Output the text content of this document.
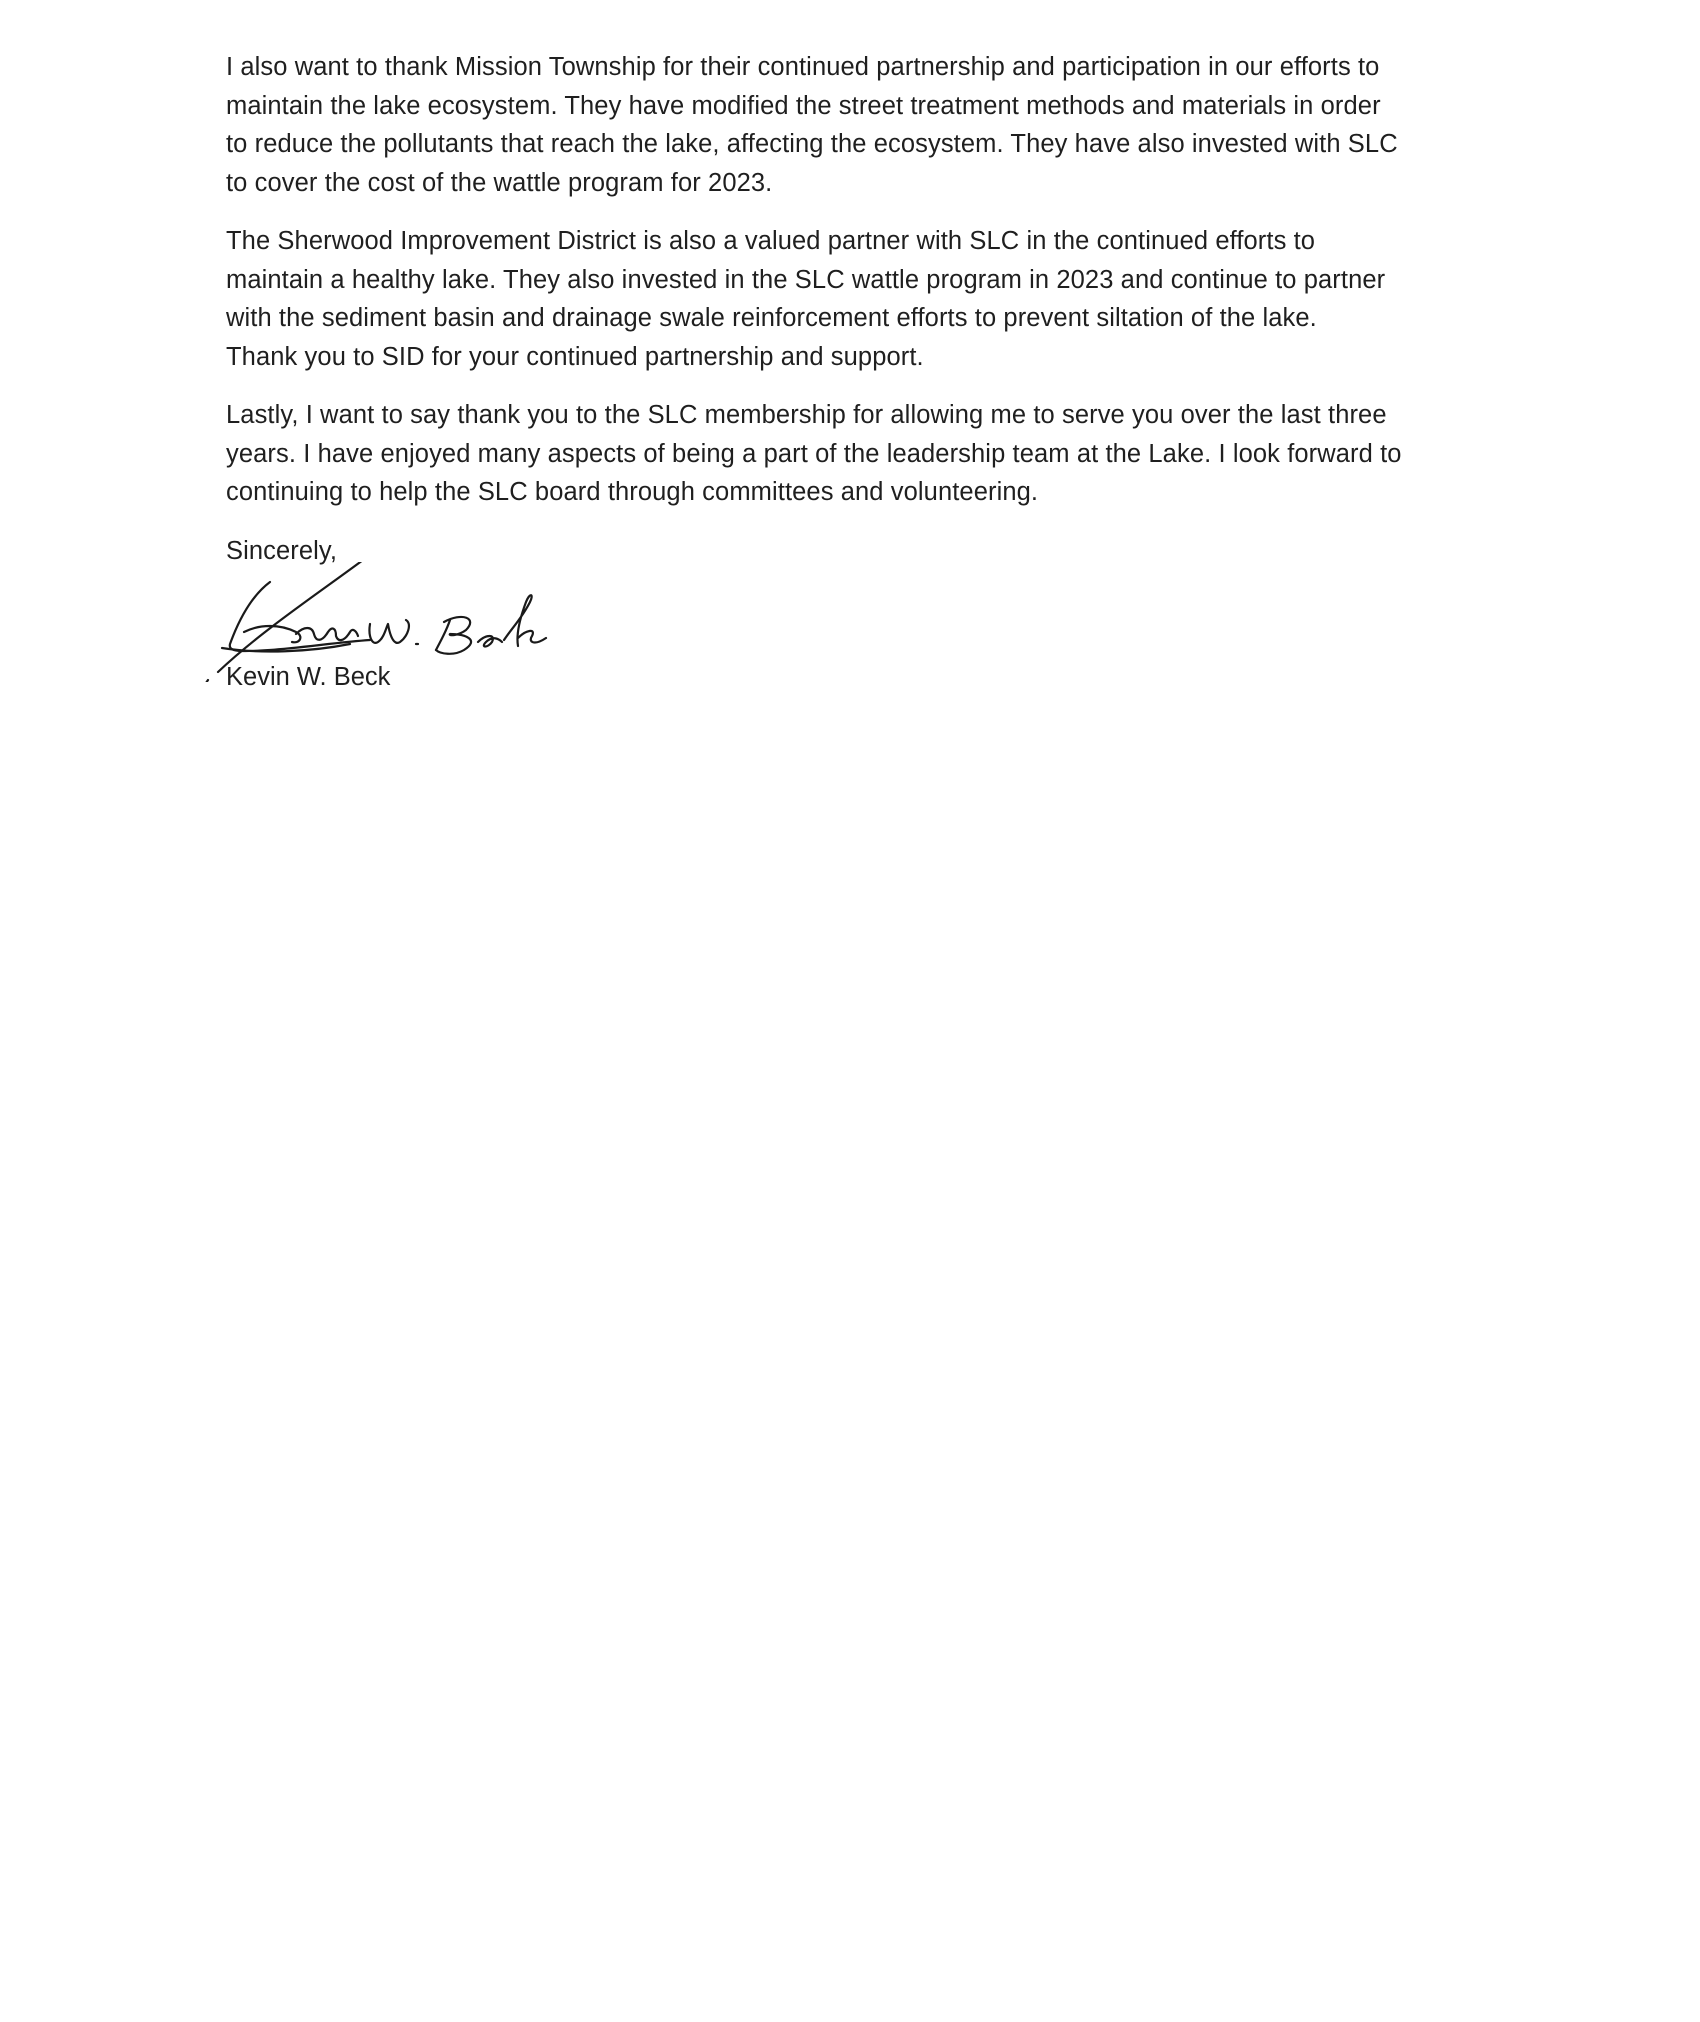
I also want to thank Mission Township for their continued partnership and participation in our efforts to
maintain the lake ecosystem. They have modified the street treatment methods and materials in order
to reduce the pollutants that reach the lake, affecting the ecosystem. They have also invested with SLC
to cover the cost of the wattle program for 2023.

The Sherwood Improvement District is also a valued partner with SLC in the continued efforts to
maintain a healthy lake. They also invested in the SLC wattle program in 2023 and continue to partner
with the sediment basin and drainage swale reinforcement efforts to prevent siltation of the lake.
Thank you to SID for your continued partnership and support.

Lastly, I want to say thank you to the SLC membership for allowing me to serve you over the last three
years. I have enjoyed many aspects of being a part of the leadership team at the Lake. I look forward to
continuing to help the SLC board through committees and volunteering.

Sincerely,

Kevin W. Beck
